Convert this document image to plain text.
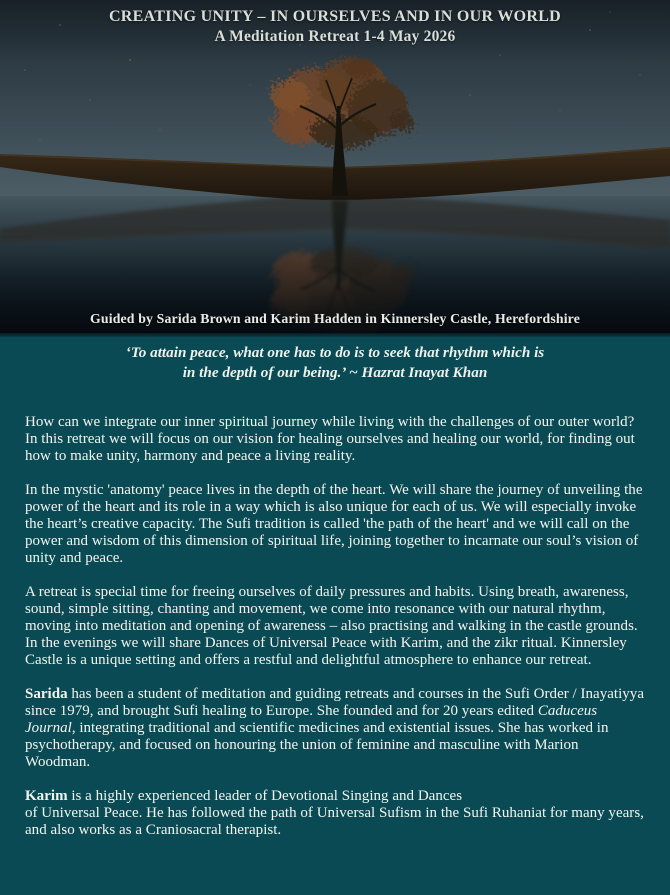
CREATING UNITY – IN OURSELVES AND IN OUR WORLD
A Meditation Retreat 1-4 May 2026
Guided by Sarida Brown and Karim Hadden in Kinnersley Castle, Herefordshire
‘To attain peace, what one has to do is to seek that rhythm which is
in the depth of our being.’ ~ Hazrat Inayat Khan

How can we integrate our inner spiritual journey while living with the challenges of our outer world? In this retreat we will focus on our vision for healing ourselves and healing our world, for finding out how to make unity, harmony and peace a living reality.

In the mystic 'anatomy' peace lives in the depth of the heart. We will share the journey of unveiling the power of the heart and its role in a way which is also unique for each of us. We will especially invoke the heart’s creative capacity. The Sufi tradition is called 'the path of the heart' and we will call on the power and wisdom of this dimension of spiritual life, joining together to incarnate our soul’s vision of unity and peace.

A retreat is special time for freeing ourselves of daily pressures and habits. Using breath, awareness, sound, simple sitting, chanting and movement, we come into resonance with our natural rhythm, moving into meditation and opening of awareness – also practising and walking in the castle grounds. In the evenings we will share Dances of Universal Peace with Karim, and the zikr ritual. Kinnersley Castle is a unique setting and offers a restful and delightful atmosphere to enhance our retreat.

Sarida has been a student of meditation and guiding retreats and courses in the Sufi Order / Inayatiyya since 1979, and brought Sufi healing to Europe. She founded and for 20 years edited Caduceus Journal, integrating traditional and scientific medicines and existential issues. She has worked in psychotherapy, and focused on honouring the union of feminine and masculine with Marion Woodman.

Karim is a highly experienced leader of Devotional Singing and Dances
of Universal Peace. He has followed the path of Universal Sufism in the Sufi Ruhaniat for many years, and also works as a Craniosacral therapist.
